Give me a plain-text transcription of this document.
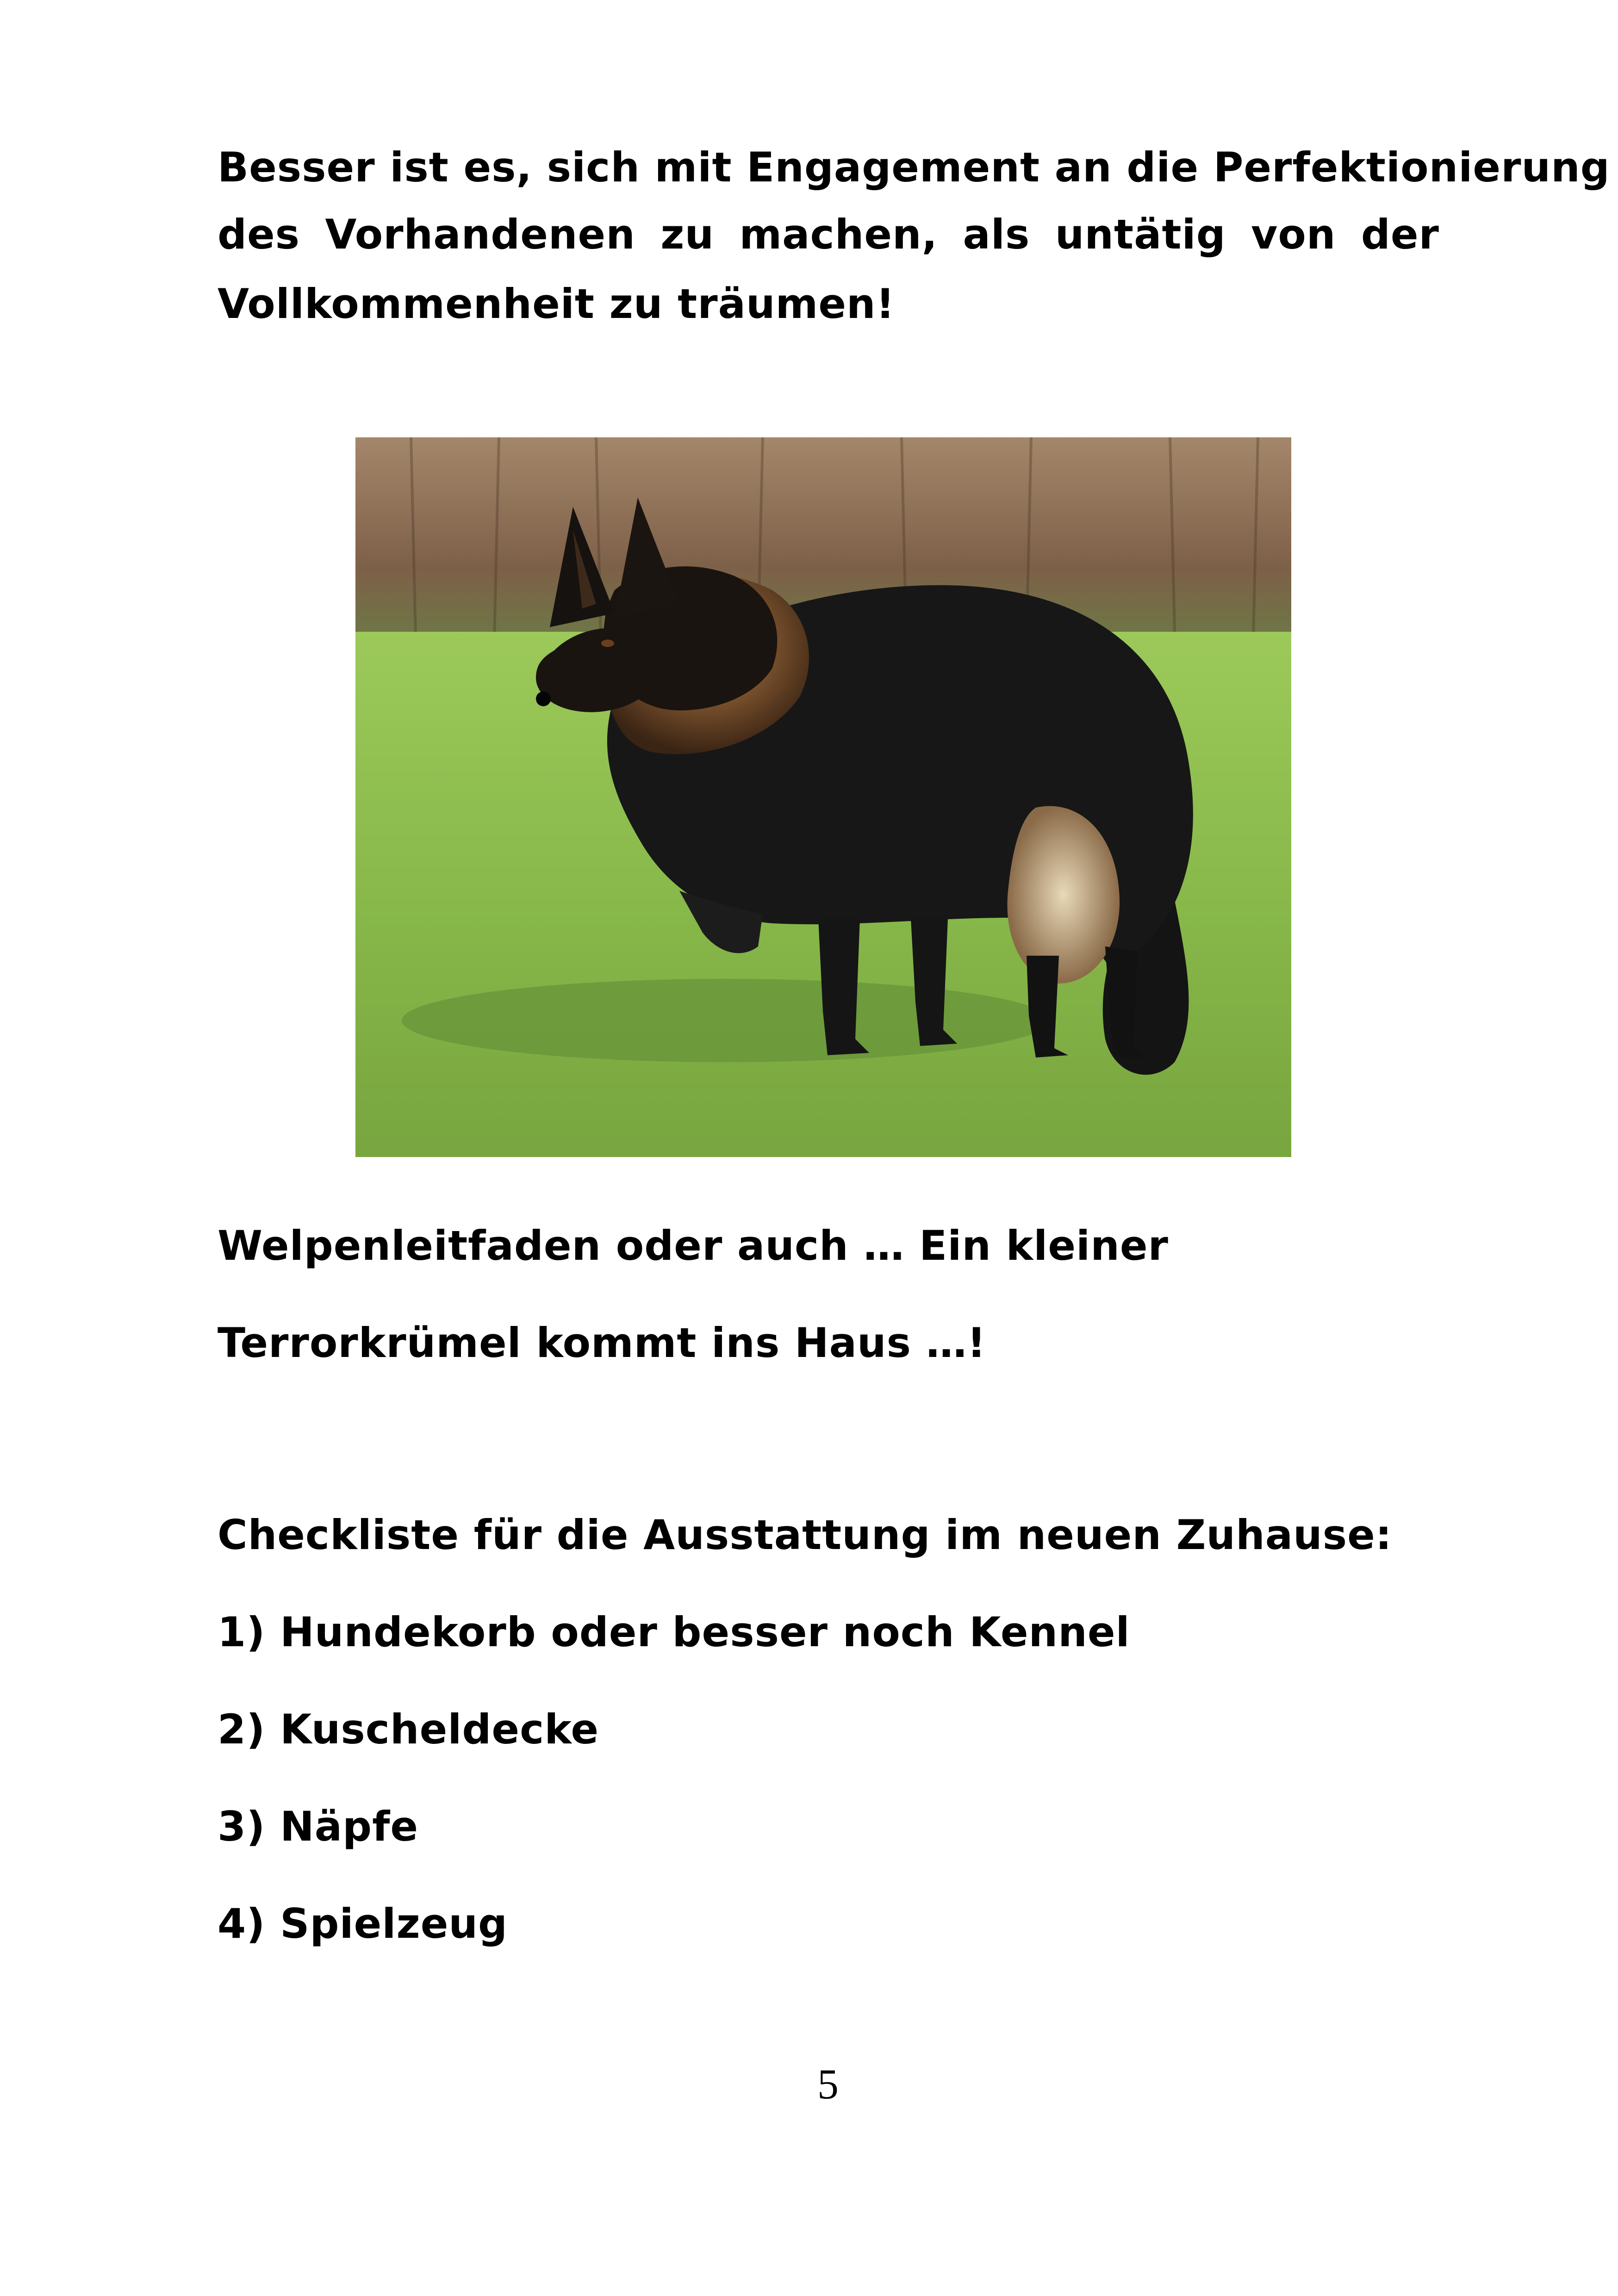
Besser ist es, sich mit Engagement an die Perfektionierung
des Vorhandenen zu machen, als untätig von der
Vollkommenheit zu träumen!
Welpenleitfaden oder auch … Ein kleiner
Terrorkrümel kommt ins Haus …!
Checkliste für die Ausstattung im neuen Zuhause:
1) Hundekorb oder besser noch Kennel
2) Kuscheldecke
3) Näpfe
4) Spielzeug
5
